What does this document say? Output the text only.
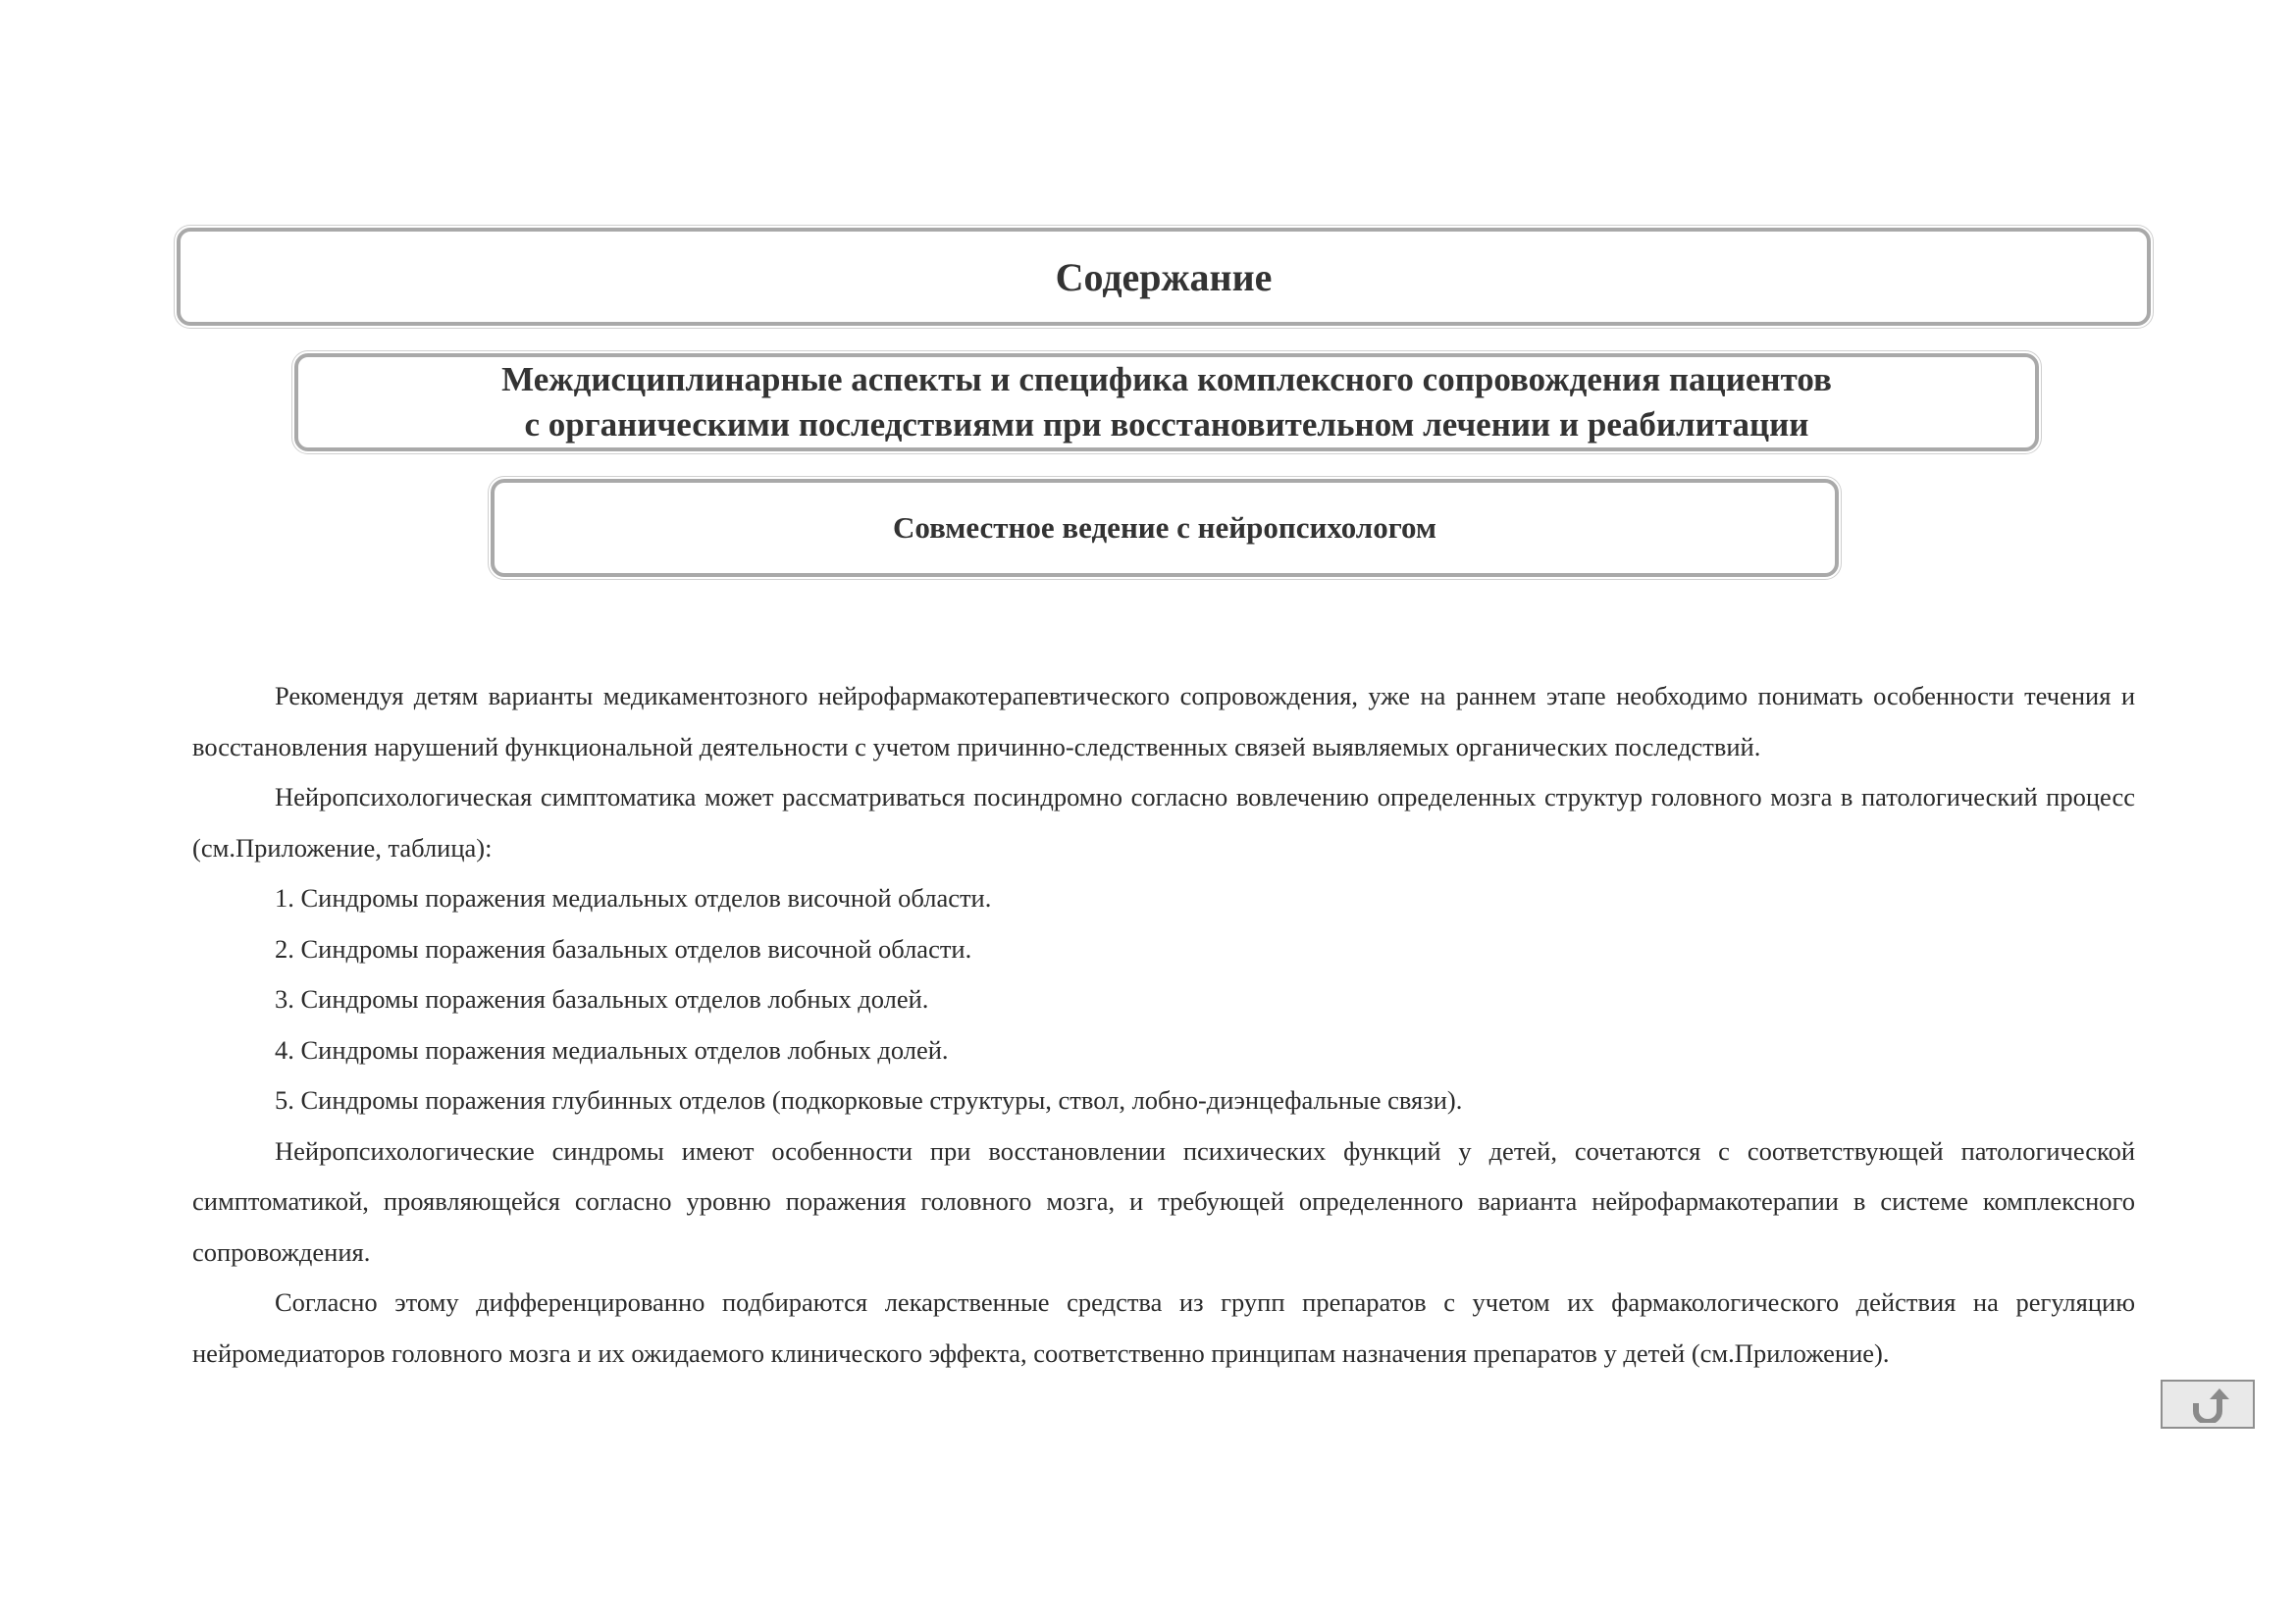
Содержание
Междисциплинарные аспекты и специфика комплексного сопровождения пациентов
с органическими последствиями при восстановительном лечении и реабилитации
Совместное ведение с нейропсихологом

Рекомендуя детям варианты медикаментозного нейрофармакотерапевтического сопровождения, уже на раннем этапе необходимо понимать особенности течения и восстановления нарушений функциональной деятельности с учетом причинно-следственных связей выявляемых органических последствий.

Нейропсихологическая симптоматика может рассматриваться посиндромно согласно вовлечению определенных структур головного мозга в патологический процесс (см.Приложение, таблица):

1. Синдромы поражения медиальных отделов височной области.
2. Синдромы поражения базальных отделов височной области.
3. Синдромы поражения базальных отделов лобных долей.
4. Синдромы поражения медиальных отделов лобных долей.
5. Синдромы поражения глубинных отделов (подкорковые структуры, ствол, лобно-диэнцефальные связи).

Нейропсихологические синдромы имеют особенности при восстановлении психических функций у детей, сочетаются с соответствующей патологической симптоматикой, проявляющейся согласно уровню поражения головного мозга, и требующей определенного варианта нейрофармакотерапии в системе комплексного сопровождения.

Согласно этому дифференцированно подбираются лекарственные средства из групп препаратов с учетом их фармакологического действия на регуляцию нейромедиаторов головного мозга и их ожидаемого клинического эффекта, соответственно принципам назначения препаратов у детей (см.Приложение).
